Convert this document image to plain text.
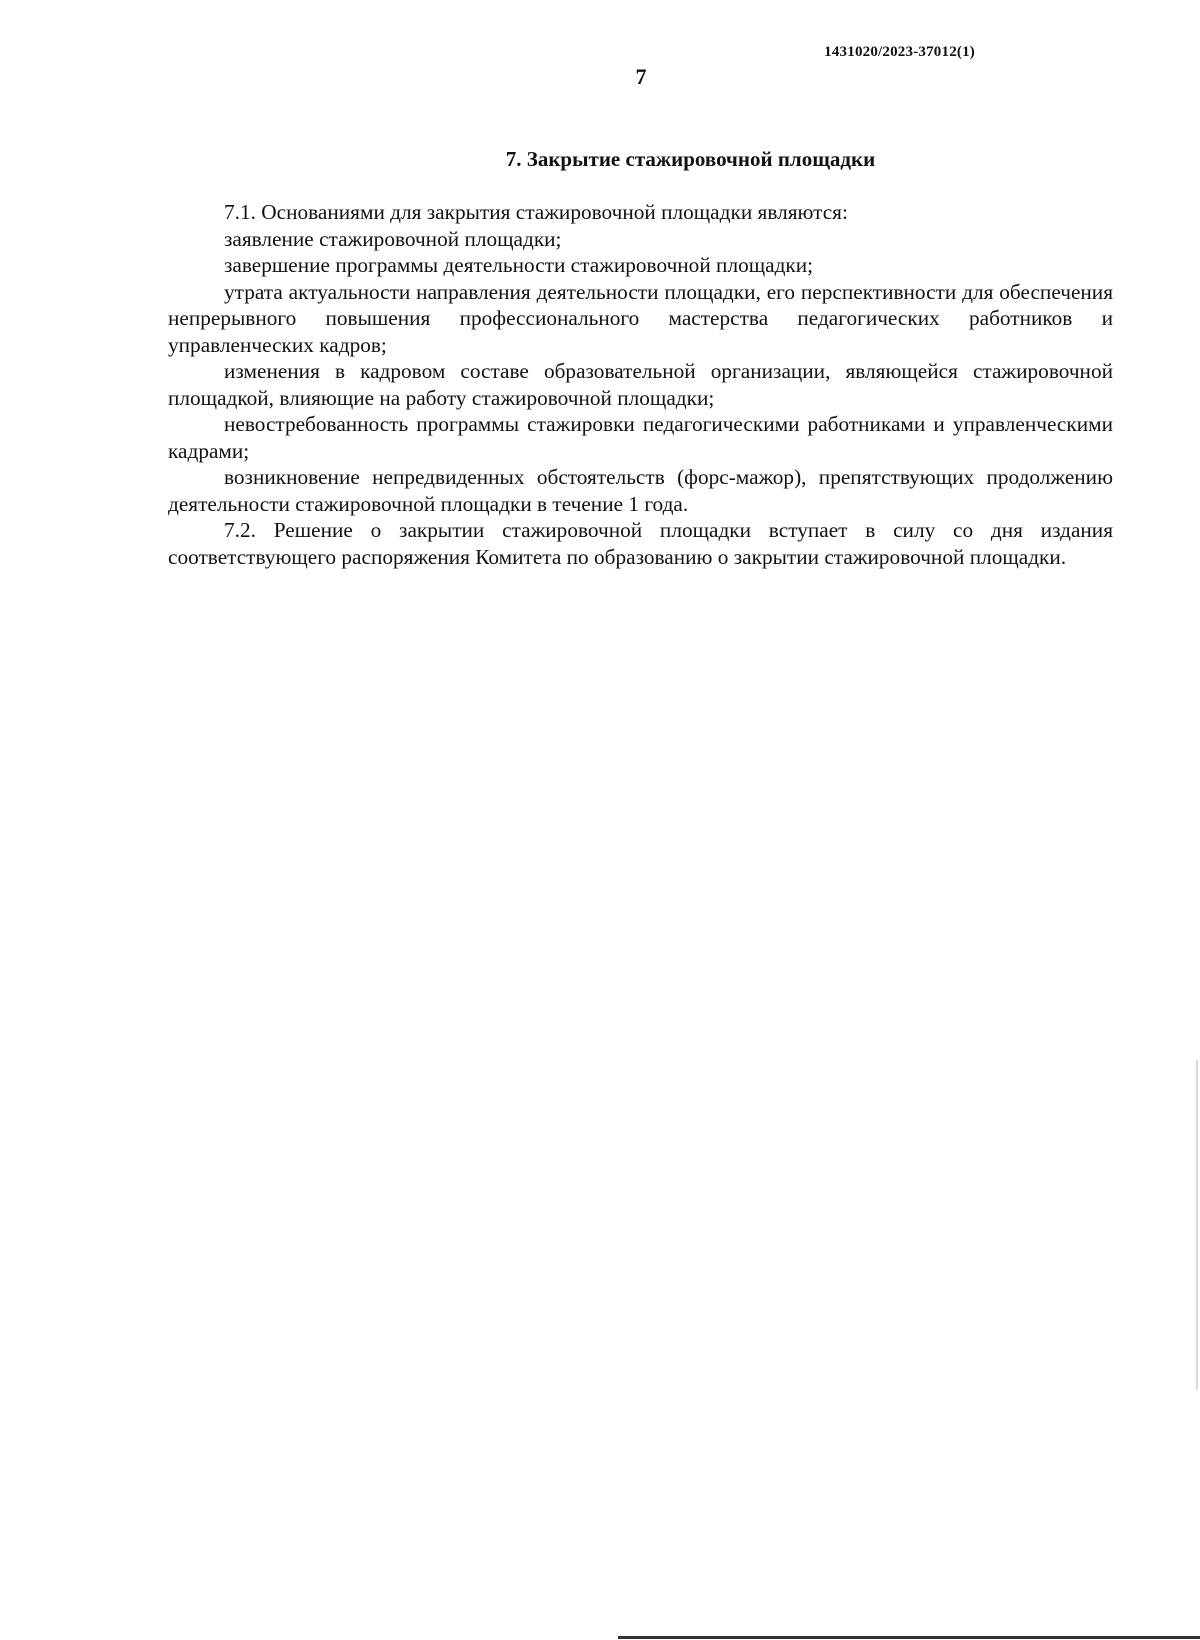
1431020/2023-37012(1)
7
7. Закрытие стажировочной площадки

7.1. Основаниями для закрытия стажировочной площадки являются:

заявление стажировочной площадки;

завершение программы деятельности стажировочной площадки;

утрата актуальности направления деятельности площадки, его перспективности для обеспечения непрерывного повышения профессионального мастерства педагогических работников и управленческих кадров;

изменения в кадровом составе образовательной организации, являющейся стажировочной площадкой, влияющие на работу стажировочной площадки;

невостребованность программы стажировки педагогическими работниками и управленческими кадрами;

возникновение непредвиденных обстоятельств (форс-мажор), препятствующих продолжению деятельности стажировочной площадки в течение 1 года.

7.2. Решение о закрытии стажировочной площадки вступает в силу со дня издания соответствующего распоряжения Комитета по образованию о закрытии стажировочной площадки.
